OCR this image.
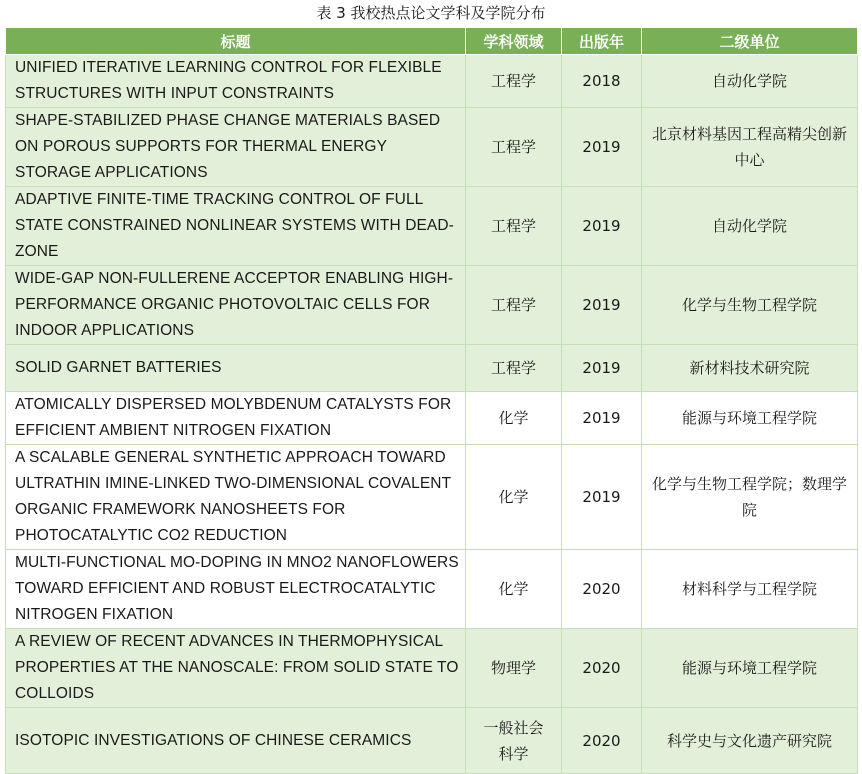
表 3 我校热点论文学科及学院分布
标题	学科领域	出版年	二级单位
UNIFIED ITERATIVE LEARNING CONTROL FOR FLEXIBLE STRUCTURES WITH INPUT CONSTRAINTS	工程学	2018	自动化学院
SHAPE-STABILIZED PHASE CHANGE MATERIALS BASED ON POROUS SUPPORTS FOR THERMAL ENERGY STORAGE APPLICATIONS	工程学	2019	北京材料基因工程高精尖创新中心
ADAPTIVE FINITE-TIME TRACKING CONTROL OF FULL STATE CONSTRAINED NONLINEAR SYSTEMS WITH DEAD-ZONE	工程学	2019	自动化学院
WIDE-GAP NON-FULLERENE ACCEPTOR ENABLING HIGH-PERFORMANCE ORGANIC PHOTOVOLTAIC CELLS FOR INDOOR APPLICATIONS	工程学	2019	化学与生物工程学院
SOLID GARNET BATTERIES	工程学	2019	新材料技术研究院
ATOMICALLY DISPERSED MOLYBDENUM CATALYSTS FOR EFFICIENT AMBIENT NITROGEN FIXATION	化学	2019	能源与环境工程学院
A SCALABLE GENERAL SYNTHETIC APPROACH TOWARD ULTRATHIN IMINE-LINKED TWO-DIMENSIONAL COVALENT ORGANIC FRAMEWORK NANOSHEETS FOR PHOTOCATALYTIC CO2 REDUCTION	化学	2019	化学与生物工程学院；数理学院
MULTI-FUNCTIONAL MO-DOPING IN MNO2 NANOFLOWERS TOWARD EFFICIENT AND ROBUST ELECTROCATALYTIC NITROGEN FIXATION	化学	2020	材料科学与工程学院
A REVIEW OF RECENT ADVANCES IN THERMOPHYSICAL PROPERTIES AT THE NANOSCALE: FROM SOLID STATE TO COLLOIDS	物理学	2020	能源与环境工程学院
ISOTOPIC INVESTIGATIONS OF CHINESE CERAMICS	一般社会科学	2020	科学史与文化遗产研究院
